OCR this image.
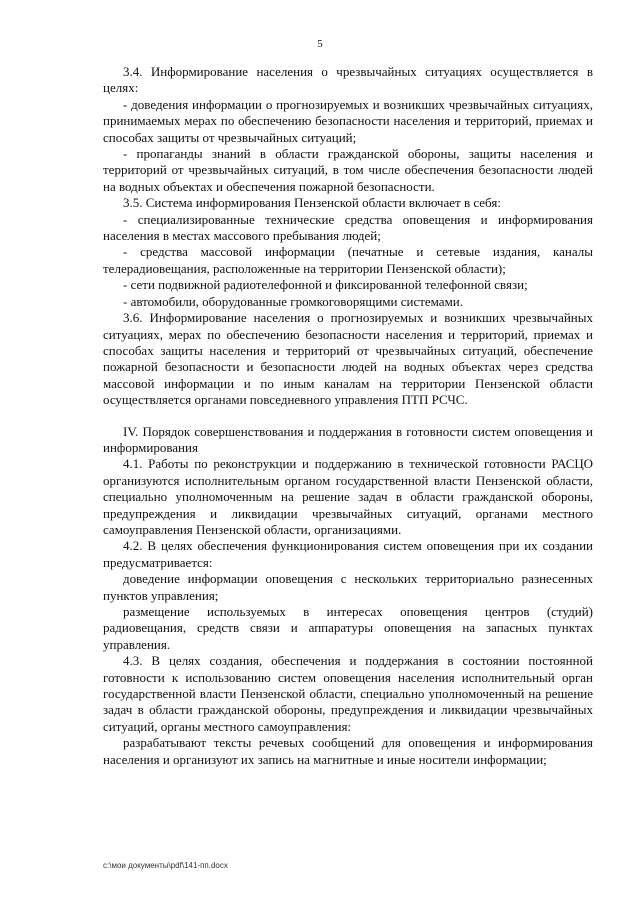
5

3.4. Информирование населения о чрезвычайных ситуациях осуществляется в целях:

- доведения информации о прогнозируемых и возникших чрезвычайных ситуациях, принимаемых мерах по обеспечению безопасности населения и территорий, приемах и способах защиты от чрезвычайных ситуаций;

- пропаганды знаний в области гражданской обороны, защиты населения и территорий от чрезвычайных ситуаций, в том числе обеспечения безопасности людей на водных объектах и обеспечения пожарной безопасности.

3.5. Система информирования Пензенской области включает в себя:

- специализированные технические средства оповещения и информирования населения в местах массового пребывания людей;

- средства массовой информации (печатные и сетевые издания, каналы телерадиовещания, расположенные на территории Пензенской области);

- сети подвижной радиотелефонной и фиксированной телефонной связи;

- автомобили, оборудованные громкоговорящими системами.

3.6. Информирование населения о прогнозируемых и возникших чрезвычайных ситуациях, мерах по обеспечению безопасности населения и территорий, приемах и способах защиты населения и территорий от чрезвычайных ситуаций, обеспечение пожарной безопасности и безопасности людей на водных объектах через средства массовой информации и по иным каналам на территории Пензенской области осуществляется органами повседневного управления ПТП РСЧС.

IV. Порядок совершенствования и поддержания в готовности систем оповещения и информирования

4.1. Работы по реконструкции и поддержанию в технической готовности РАСЦО организуются исполнительным органом государственной власти Пензенской области, специально уполномоченным на решение задач в области гражданской обороны, предупреждения и ликвидации чрезвычайных ситуаций, органами местного самоуправления Пензенской области, организациями.

4.2. В целях обеспечения функционирования систем оповещения при их создании предусматривается:

доведение информации оповещения с нескольких территориально разнесенных пунктов управления;

размещение используемых в интересах оповещения центров (студий) радиовещания, средств связи и аппаратуры оповещения на запасных пунктах управления.

4.3. В целях создания, обеспечения и поддержания в состоянии постоянной готовности к использованию систем оповещения населения исполнительный орган государственной власти Пензенской области, специально уполномоченный на решение задач в области гражданской обороны, предупреждения и ликвидации чрезвычайных ситуаций, органы местного самоуправления:

разрабатывают тексты речевых сообщений для оповещения и информирования населения и организуют их запись на магнитные и иные носители информации;

c:\мои документы\pdf\141-пп.docx
